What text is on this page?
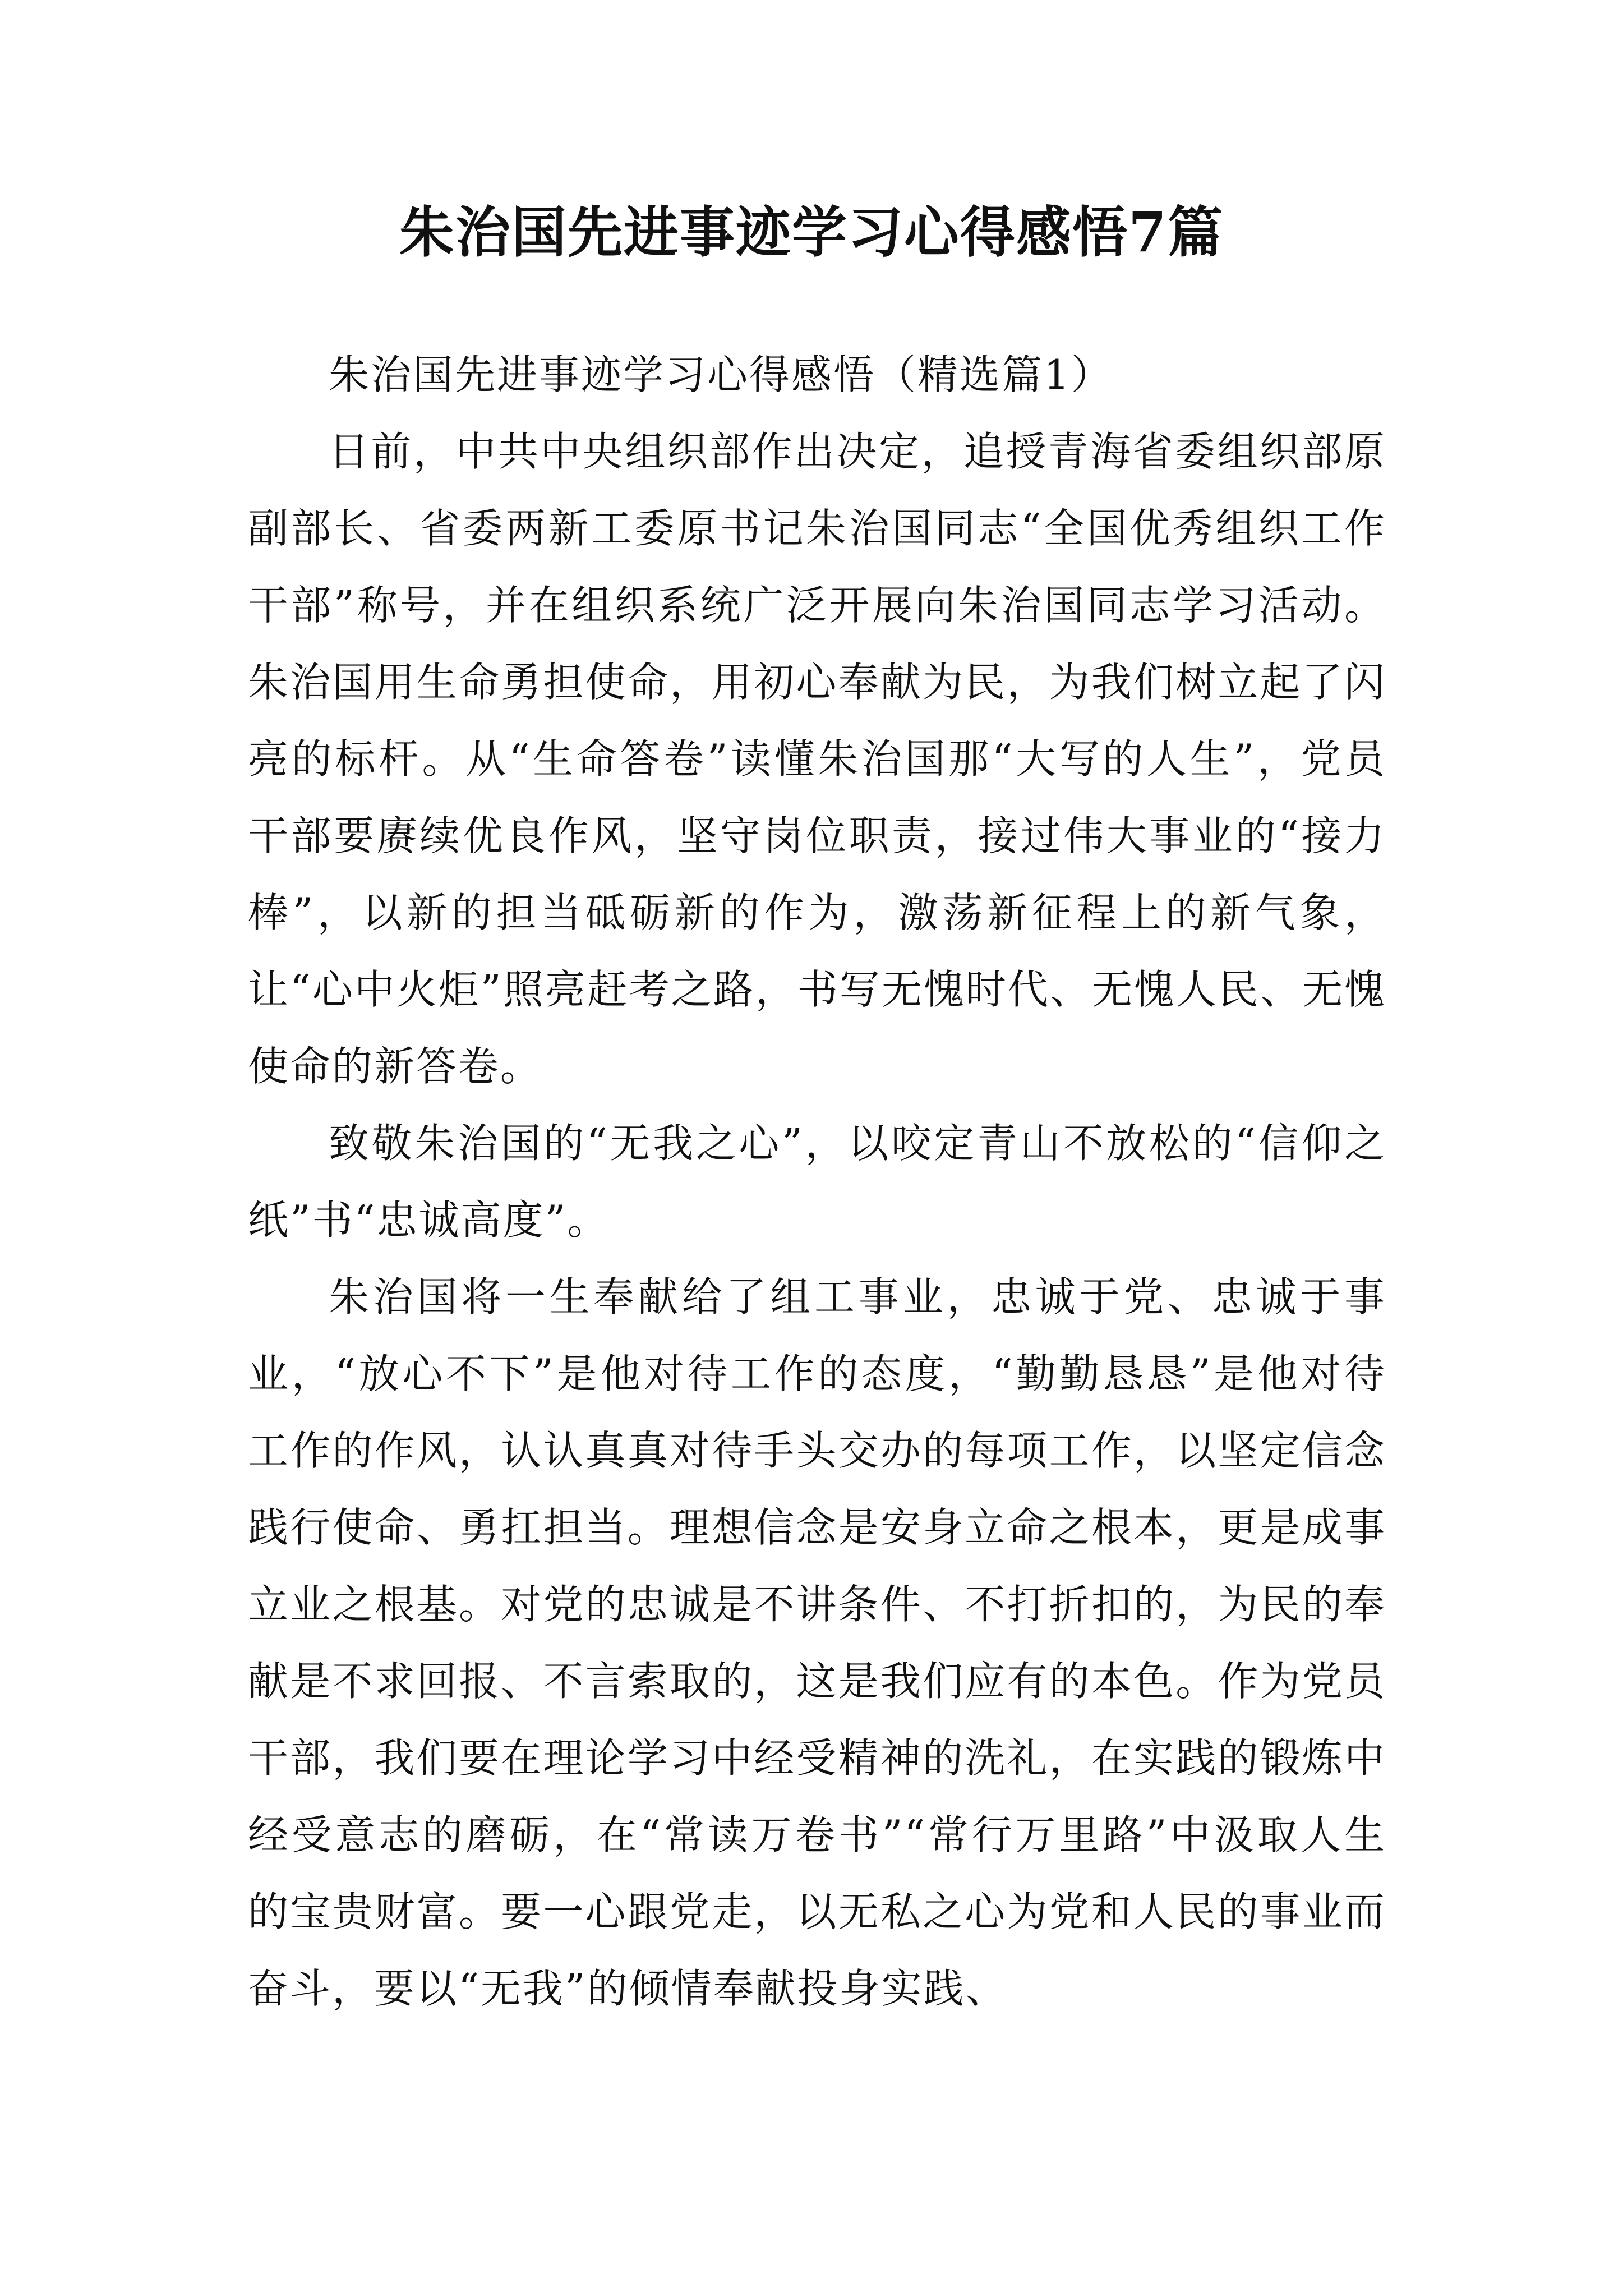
朱治国先进事迹学习心得感悟7篇

朱治国先进事迹学习心得感悟（精选篇1）

日前，中共中央组织部作出决定，追授青海省委组织部原副部长、省委两新工委原书记朱治国同志“全国优秀组织工作干部”称号，并在组织系统广泛开展向朱治国同志学习活动。朱治国用生命勇担使命，用初心奉献为民，为我们树立起了闪亮的标杆。从“生命答卷”读懂朱治国那“大写的人生”，党员干部要赓续优良作风，坚守岗位职责，接过伟大事业的“接力棒”，以新的担当砥砺新的作为，激荡新征程上的新气象，让“心中火炬”照亮赶考之路，书写无愧时代、无愧人民、无愧使命的新答卷。

致敬朱治国的“无我之心”，以咬定青山不放松的“信仰之纸”书“忠诚高度”。

朱治国将一生奉献给了组工事业，忠诚于党、忠诚于事业，“放心不下”是他对待工作的态度，“勤勤恳恳”是他对待工作的作风，认认真真对待手头交办的每项工作，以坚定信念践行使命、勇扛担当。理想信念是安身立命之根本，更是成事立业之根基。对党的忠诚是不讲条件、不打折扣的，为民的奉献是不求回报、不言索取的，这是我们应有的本色。作为党员干部，我们要在理论学习中经受精神的洗礼，在实践的锻炼中经受意志的磨砺，在“常读万卷书”“常行万里路”中汲取人生的宝贵财富。要一心跟党走，以无私之心为党和人民的事业而奋斗，要以“无我”的倾情奉献投身实践、
